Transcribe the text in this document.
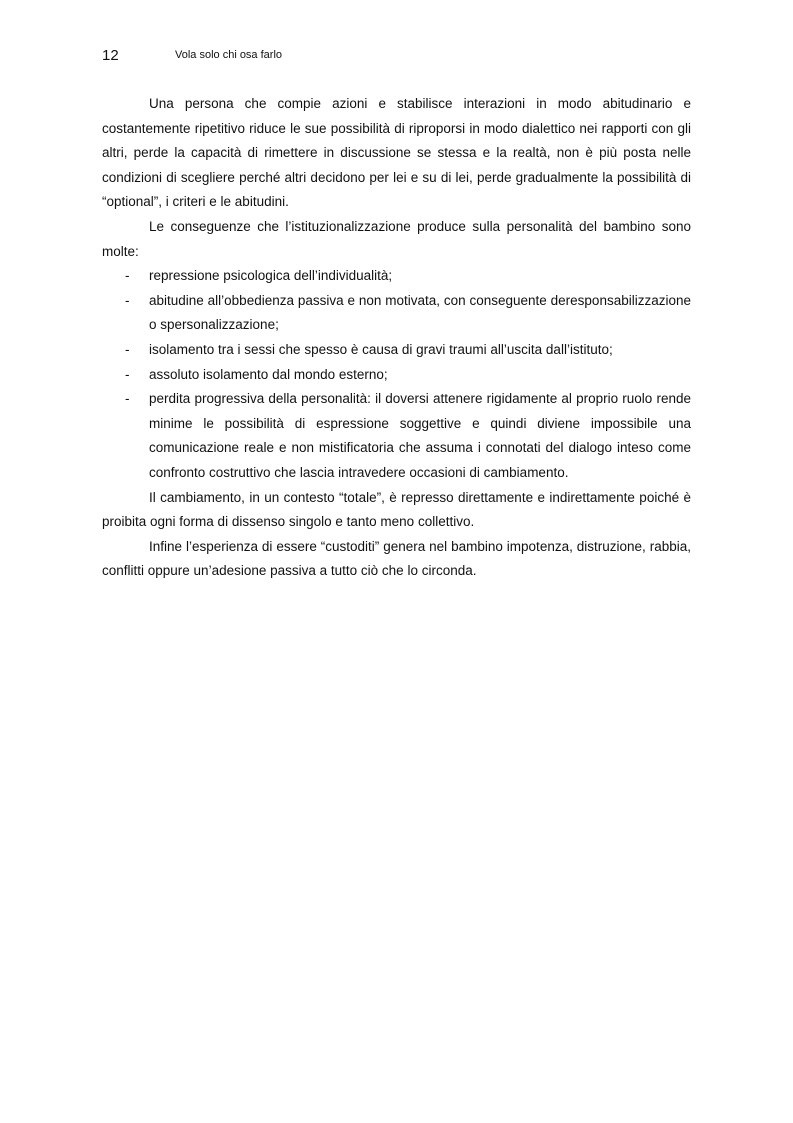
12	Vola solo chi osa farlo

Una persona che compie azioni e stabilisce interazioni in modo abitudinario e costantemente ripetitivo riduce le sue possibilità di riproporsi in modo dialettico nei rapporti con gli altri, perde la capacità di rimettere in discussione se stessa e la realtà, non è più posta nelle condizioni di scegliere perché altri decidono per lei e su di lei, perde gradualmente la possibilità di “optional”, i criteri e le abitudini.

Le conseguenze che l’istituzionalizzazione produce sulla personalità del bambino sono molte:

- repressione psicologica dell’individualità;
- abitudine all’obbedienza passiva e non motivata, con conseguente deresponsabilizzazione o spersonalizzazione;
- isolamento tra i sessi che spesso è causa di gravi traumi all’uscita dall’istituto;
- assoluto isolamento dal mondo esterno;
- perdita progressiva della personalità: il doversi attenere rigidamente al proprio ruolo rende minime le possibilità di espressione soggettive e quindi diviene impossibile una comunicazione reale e non mistificatoria che assuma i connotati del dialogo inteso come confronto costruttivo che lascia intravedere occasioni di cambiamento.

Il cambiamento, in un contesto “totale”, è represso direttamente e indirettamente poiché è proibita ogni forma di dissenso singolo e tanto meno collettivo.

Infine l’esperienza di essere “custoditi” genera nel bambino impotenza, distruzione, rabbia, conflitti oppure un’adesione passiva a tutto ciò che lo circonda.
